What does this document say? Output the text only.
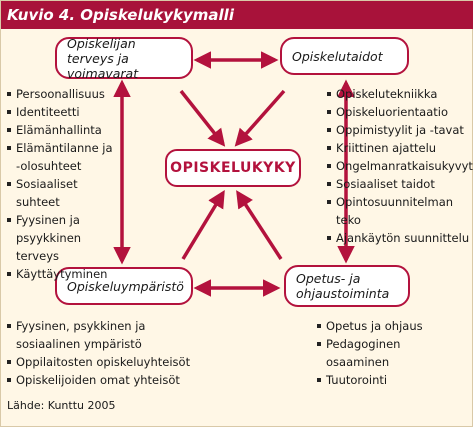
Kuvio 4. Opiskelukykymalli
Opiskelijan terveys ja voimavarat
Opiskelutaidot
OPISKELUKYKY
Opiskeluympäristö	Opetus- ja ohjaustoiminta
Persoonallisuus
Identiteetti
Elämänhallinta
Elämäntilanne ja -olosuhteet
Sosiaaliset suhteet
Fyysinen ja psyykkinen terveys
Käyttäytyminen
Opiskelutekniikka
Opiskeluorientaatio
Oppimistyylit ja -tavat
Kriittinen ajattelu
Ongelmanratkaisukyvyt
Sosiaaliset taidot
Opintosuunnitelman teko
Ajankäytön suunnittelu
Fyysinen, psykkinen ja sosiaalinen ympäristö
Oppilaitosten opiskeluyhteisöt
Opiskelijoiden omat yhteisöt
Opetus ja ohjaus
Pedagoginen osaaminen
Tuutorointi
Lähde: Kunttu 2005
